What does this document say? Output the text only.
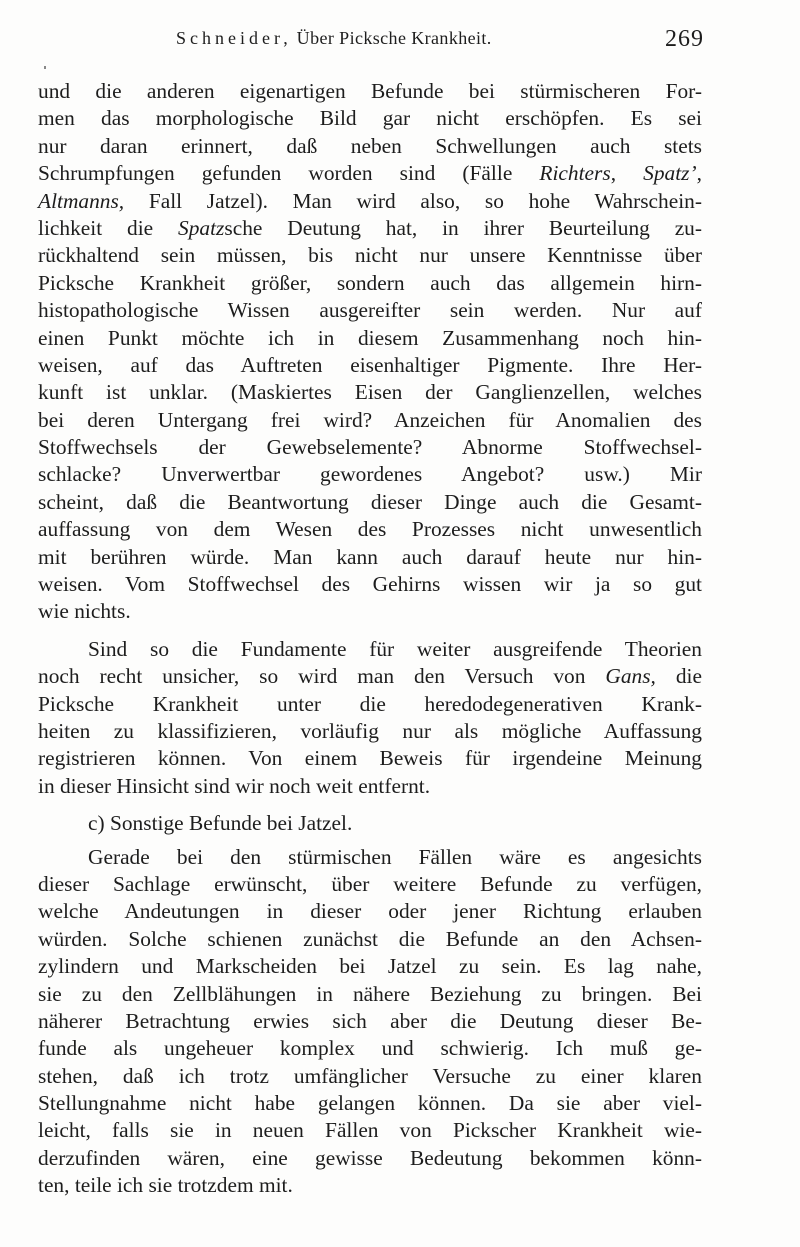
Schneider, Über Picksche Krankheit.	269
und die anderen eigenartigen Befunde bei stürmischeren For-
men das morphologische Bild gar nicht erschöpfen. Es sei
nur daran erinnert, daß neben Schwellungen auch stets
Schrumpfungen gefunden worden sind (Fälle Richters, Spatz’,
Altmanns, Fall Jatzel). Man wird also, so hohe Wahrschein-
lichkeit die Spatzsche Deutung hat, in ihrer Beurteilung zu-
rückhaltend sein müssen, bis nicht nur unsere Kenntnisse über
Picksche Krankheit größer, sondern auch das allgemein hirn-
histopathologische Wissen ausgereifter sein werden. Nur auf
einen Punkt möchte ich in diesem Zusammenhang noch hin-
weisen, auf das Auftreten eisenhaltiger Pigmente. Ihre Her-
kunft ist unklar. (Maskiertes Eisen der Ganglienzellen, welches
bei deren Untergang frei wird? Anzeichen für Anomalien des
Stoffwechsels der Gewebselemente? Abnorme Stoffwechsel-
schlacke? Unverwertbar gewordenes Angebot? usw.) Mir
scheint, daß die Beantwortung dieser Dinge auch die Gesamt-
auffassung von dem Wesen des Prozesses nicht unwesentlich
mit berühren würde. Man kann auch darauf heute nur hin-
weisen. Vom Stoffwechsel des Gehirns wissen wir ja so gut
wie nichts.
Sind so die Fundamente für weiter ausgreifende Theorien
noch recht unsicher, so wird man den Versuch von Gans, die
Picksche Krankheit unter die heredodegenerativen Krank-
heiten zu klassifizieren, vorläufig nur als mögliche Auffassung
registrieren können. Von einem Beweis für irgendeine Meinung
in dieser Hinsicht sind wir noch weit entfernt.
c) Sonstige Befunde bei Jatzel.
Gerade bei den stürmischen Fällen wäre es angesichts
dieser Sachlage erwünscht, über weitere Befunde zu verfügen,
welche Andeutungen in dieser oder jener Richtung erlauben
würden. Solche schienen zunächst die Befunde an den Achsen-
zylindern und Markscheiden bei Jatzel zu sein. Es lag nahe,
sie zu den Zellblähungen in nähere Beziehung zu bringen. Bei
näherer Betrachtung erwies sich aber die Deutung dieser Be-
funde als ungeheuer komplex und schwierig. Ich muß ge-
stehen, daß ich trotz umfänglicher Versuche zu einer klaren
Stellungnahme nicht habe gelangen können. Da sie aber viel-
leicht, falls sie in neuen Fällen von Pickscher Krankheit wie-
derzufinden wären, eine gewisse Bedeutung bekommen könn-
ten, teile ich sie trotzdem mit.
